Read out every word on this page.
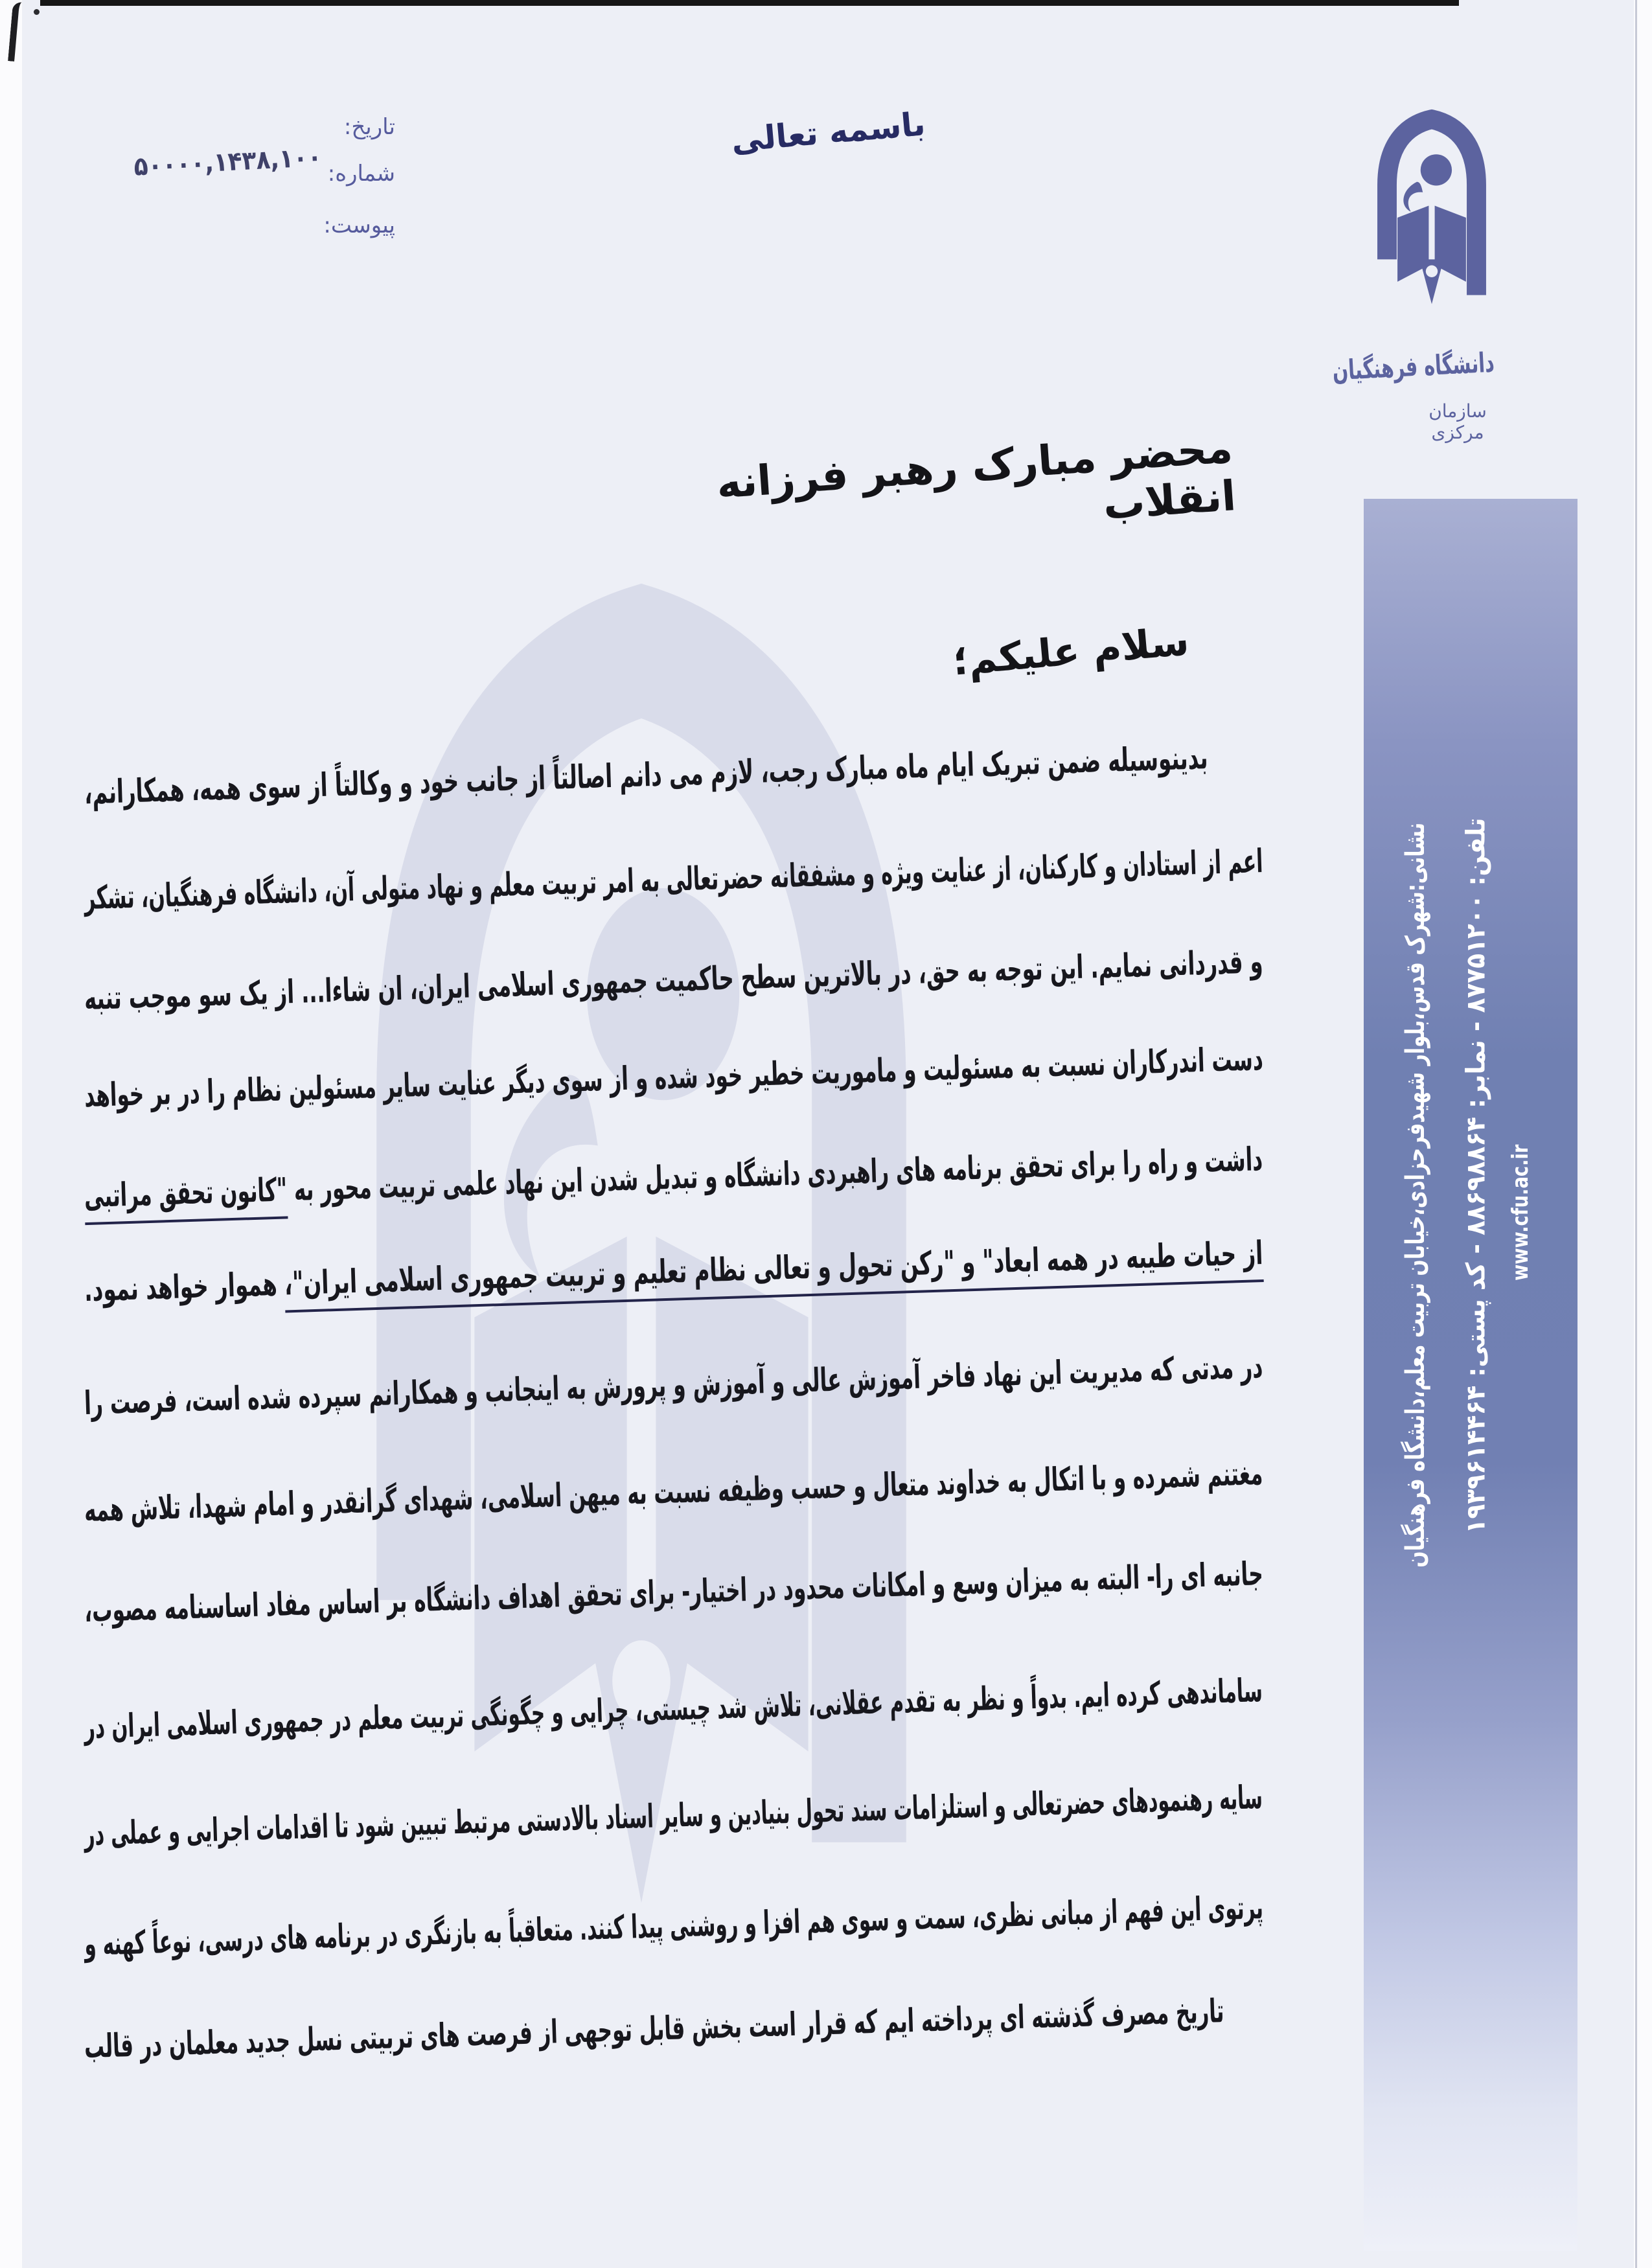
تاریخ:
شماره:
پیوست:
۵۰۰۰۰,۱۴۳۸,۱۰۰
باسمه تعالی
دانشگاه فرهنگیان
سازمان مرکزی
نشانی:شهرک قدس،بلوار شهیدفرحزادی،خیابان تربیت معلم،دانشگاه فرهنگیان	تلفن: ۸۷۷۵۱۲۰۰ - نمابر: ۸۸۶۹۸۸۶۴ - کد پستی: ۱۹۳۹۶۱۴۴۶۴
www.cfu.ac.ir
محضر مبارک رهبر فرزانه انقلاب
سلام علیکم؛
بدینوسیله ضمن تبریک ایام ماه مبارک رجب، لازم می دانم اصالتاً از جانب خود و وکالتاً از سوی همه، همکارانم،
اعم از استادان و کارکنان، از عنایت ویژه و مشفقانه حضرتعالی به امر تربیت معلم و نهاد متولی آن، دانشگاه فرهنگیان، تشکر
و قدردانی نمایم. این توجه به حق، در بالاترین سطح حاکمیت جمهوری اسلامی ایران، ان شاءا... از یک سو موجب تنبه
دست اندرکاران نسبت به مسئولیت و ماموریت خطیر خود شده و از سوی دیگر عنایت سایر مسئولین نظام را در بر خواهد
داشت و راه را برای تحقق برنامه های راهبردی دانشگاه و تبدیل شدن این نهاد علمی تربیت محور به "کانون تحقق مراتبی
از حیات طیبه در همه ابعاد" و "رکن تحول و تعالی نظام تعلیم و تربیت جمهوری اسلامی ایران"، هموار خواهد نمود.
در مدتی که مدیریت این نهاد فاخر آموزش عالی و آموزش و پرورش به اینجانب و همکارانم سپرده شده است، فرصت را
مغتنم شمرده و با اتکال به خداوند متعال و حسب وظیفه نسبت به میهن اسلامی، شهدای گرانقدر و امام شهدا، تلاش همه
جانبه ای را- البته به میزان وسع و امکانات محدود در اختیار- برای تحقق اهداف دانشگاه بر اساس مفاد اساسنامه مصوب،
ساماندهی کرده ایم. بدواً و نظر به تقدم عقلانی، تلاش شد چیستی، چرایی و چگونگی تربیت معلم در جمهوری اسلامی ایران در
سایه رهنمودهای حضرتعالی و استلزامات سند تحول بنیادین و سایر اسناد بالادستی مرتبط تبیین شود تا اقدامات اجرایی و عملی در
پرتوی این فهم از مبانی نظری، سمت و سوی هم افزا و روشنی پیدا کنند. متعاقباً به بازنگری در برنامه های درسی، نوعاً کهنه و
تاریخ مصرف گذشته ای پرداخته ایم که قرار است بخش قابل توجهی از فرصت های تربیتی نسل جدید معلمان در قالب
